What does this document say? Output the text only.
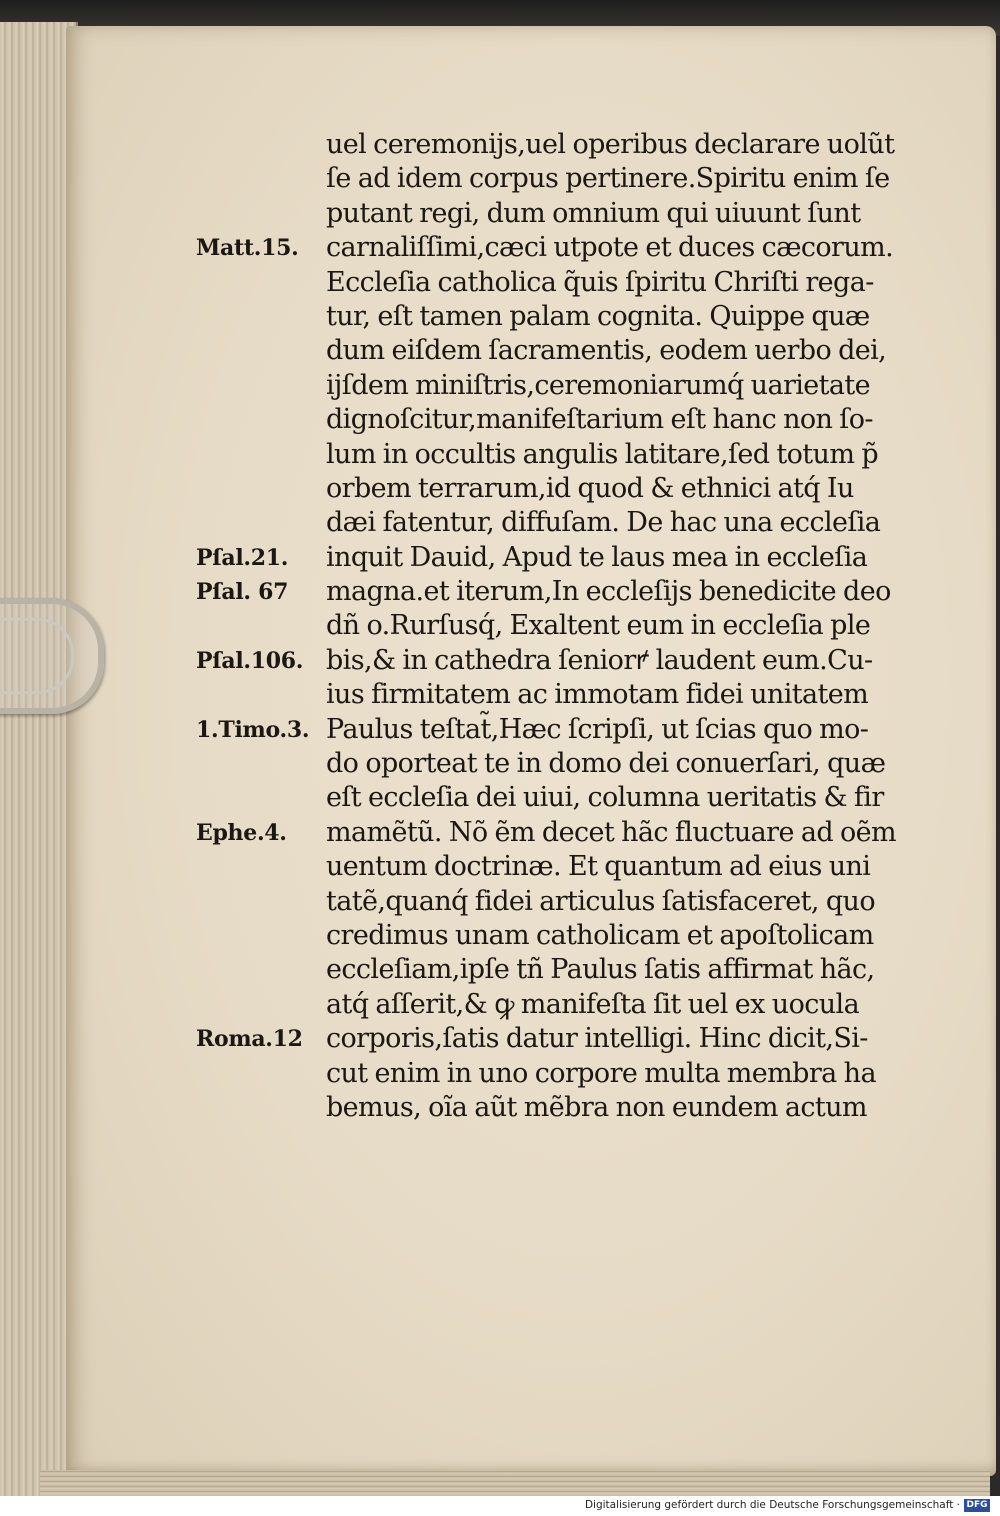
uel ceremonijs,uel operibus declarare uolũt
ſe ad idem corpus pertinere.Spiritu enim ſe
putant regi, dum omnium qui uiuunt ſunt
carnaliſſimi,cæci utpote et duces cæcorum.
Eccleſia catholica q̃uis ſpiritu Chriſti rega-
tur, eſt tamen palam cognita. Quippe quæ
dum eiſdem ſacramentis, eodem uerbo dei,
ijſdem miniſtris,ceremoniarumq́ uarietate
dignoſcitur,manifeſtarium eſt hanc non ſo-
lum in occultis angulis latitare,ſed totum p̃
orbem terrarum,id quod & ethnici atq́ Iu
dæi fatentur, diffuſam. De hac una eccleſia
inquit Dauid, Apud te laus mea in eccleſia
magna.et iterum,In eccleſijs benedicite deo
dñ o.Rurſusq́, Exaltent eum in eccleſia ple
bis,& in cathedra ſeniorꝵ laudent eum.Cu-
ius firmitatem ac immotam fidei unitatem
Paulus teſtat̃,Hæc ſcripſi, ut ſcias quo mo-
do oporteat te in domo dei conuerſari, quæ
eſt eccleſia dei uiui, columna ueritatis & fir
mamẽtũ. Nõ ẽm decet hãc fluctuare ad oẽm
uentum doctrinæ. Et quantum ad eius uni
tatẽ,quanq́ fidei articulus ſatisfaceret, quo
credimus unam catholicam et apoſtolicam
eccleſiam,ipſe tñ Paulus ſatis affirmat hãc,
atq́ aſſerit,& ꝙ manifeſta ſit uel ex uocula
corporis,ſatis datur intelligi. Hinc dicit,Si-
cut enim in uno corpore multa membra ha
bemus, oĩa aũt mẽbra non eundem actum
Matt.15.
Pſal.21.
Pſal. 67
Pſal.106.
1.Timo.3.
Ephe.4.
Roma.12
Digitalisierung gefördert durch die Deutsche Forschungsgemeinschaft · DFG
